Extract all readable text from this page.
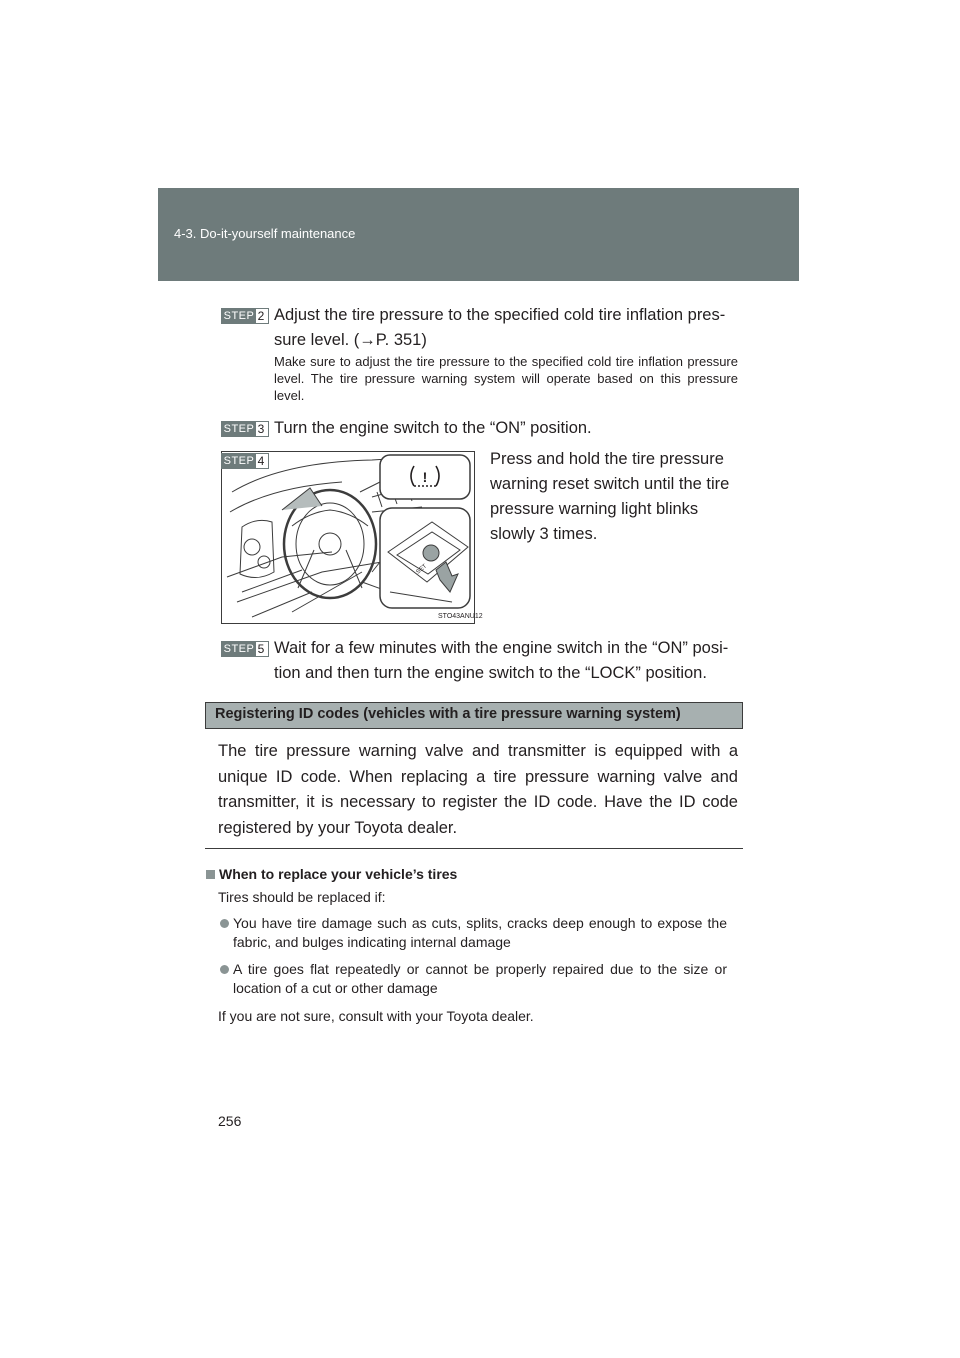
4-3. Do-it-yourself maintenance
STEP 2 Adjust the tire pressure to the specified cold tire inflation pres-
sure level. (→P. 351)
Make sure to adjust the tire pressure to the specified cold tire inflation pressure level. The tire pressure warning system will operate based on this pressure level.
STEP 3 Turn the engine switch to the “ON” position.
!
SET
STO43ANU12
STEP 4	Press and hold the tire pressure
warning reset switch until the tire
pressure warning light blinks
slowly 3 times.
STEP 5 Wait for a few minutes with the engine switch in the “ON” posi-
tion and then turn the engine switch to the “LOCK” position.
Registering ID codes (vehicles with a tire pressure warning system)
The tire pressure warning valve and transmitter is equipped with a unique ID code. When replacing a tire pressure warning valve and transmitter, it is necessary to register the ID code. Have the ID code registered by your Toyota dealer.
When to replace your vehicle’s tires
Tires should be replaced if:
You have tire damage such as cuts, splits, cracks deep enough to expose the fabric, and bulges indicating internal damage
A tire goes flat repeatedly or cannot be properly repaired due to the size or location of a cut or other damage
If you are not sure, consult with your Toyota dealer.
256
